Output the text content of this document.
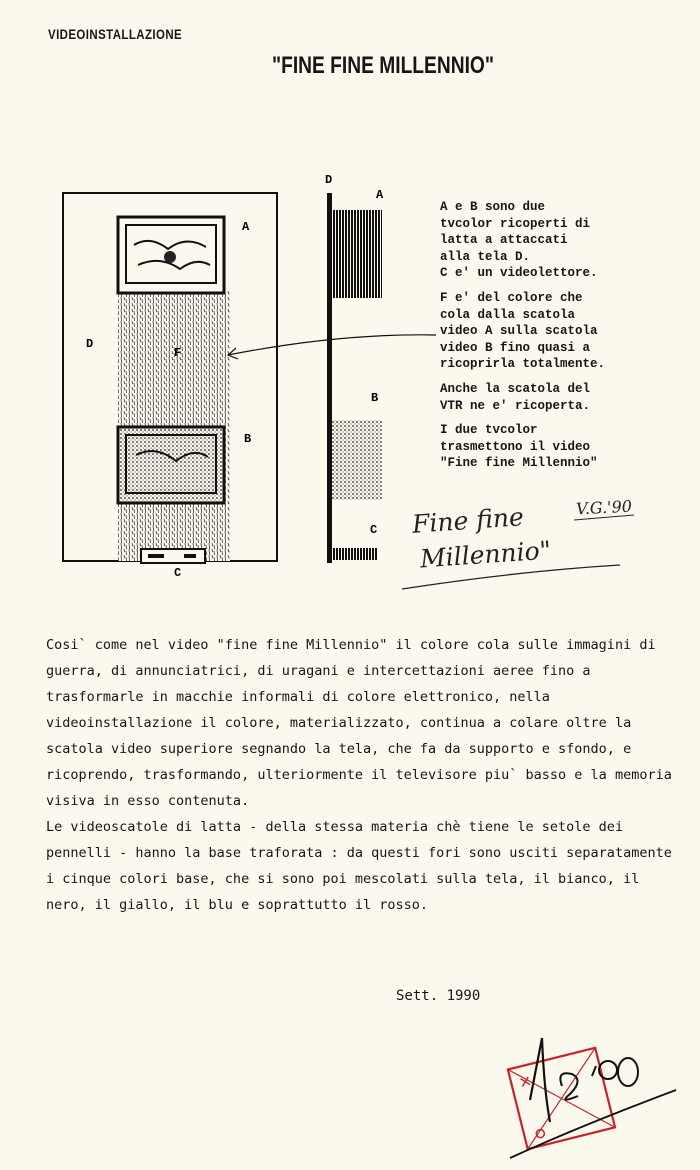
VIDEOINSTALLAZIONE
"FINE FINE MILLENNIO"
A
B
C
D
F
D
A
B
C

A e B sono due
tvcolor ricoperti di
latta a attaccati
alla tela D.
C e' un videolettore.

F e' del colore che
cola dalla scatola
video A sulla scatola
video B fino quasi a
ricoprirla totalmente.

Anche la scatola del
VTR ne e' ricoperta.

I due tvcolor
trasmettono il video
"Fine fine Millennio"

Fine fine
Millennio"
V.G.'90

Cosi` come nel video "fine fine Millennio" il colore cola sulle immagini di guerra, di annunciatrici, di uragani e intercettazioni aeree fino a trasformarle in macchie informali di colore elettronico, nella videoinstallazione il colore, materializzato, continua a colare oltre la scatola video superiore segnando la tela, che fa da supporto e sfondo, e ricoprendo, trasformando, ulteriormente il televisore piu` basso e la memoria visiva in esso contenuta.

Le videoscatole di latta - della stessa materia chè tiene le setole dei pennelli - hanno la base traforata : da questi fori sono usciti separatamente i cinque colori base, che si sono poi mescolati sulla tela, il bianco, il nero, il giallo, il blu e soprattutto il rosso.

Sett. 1990
